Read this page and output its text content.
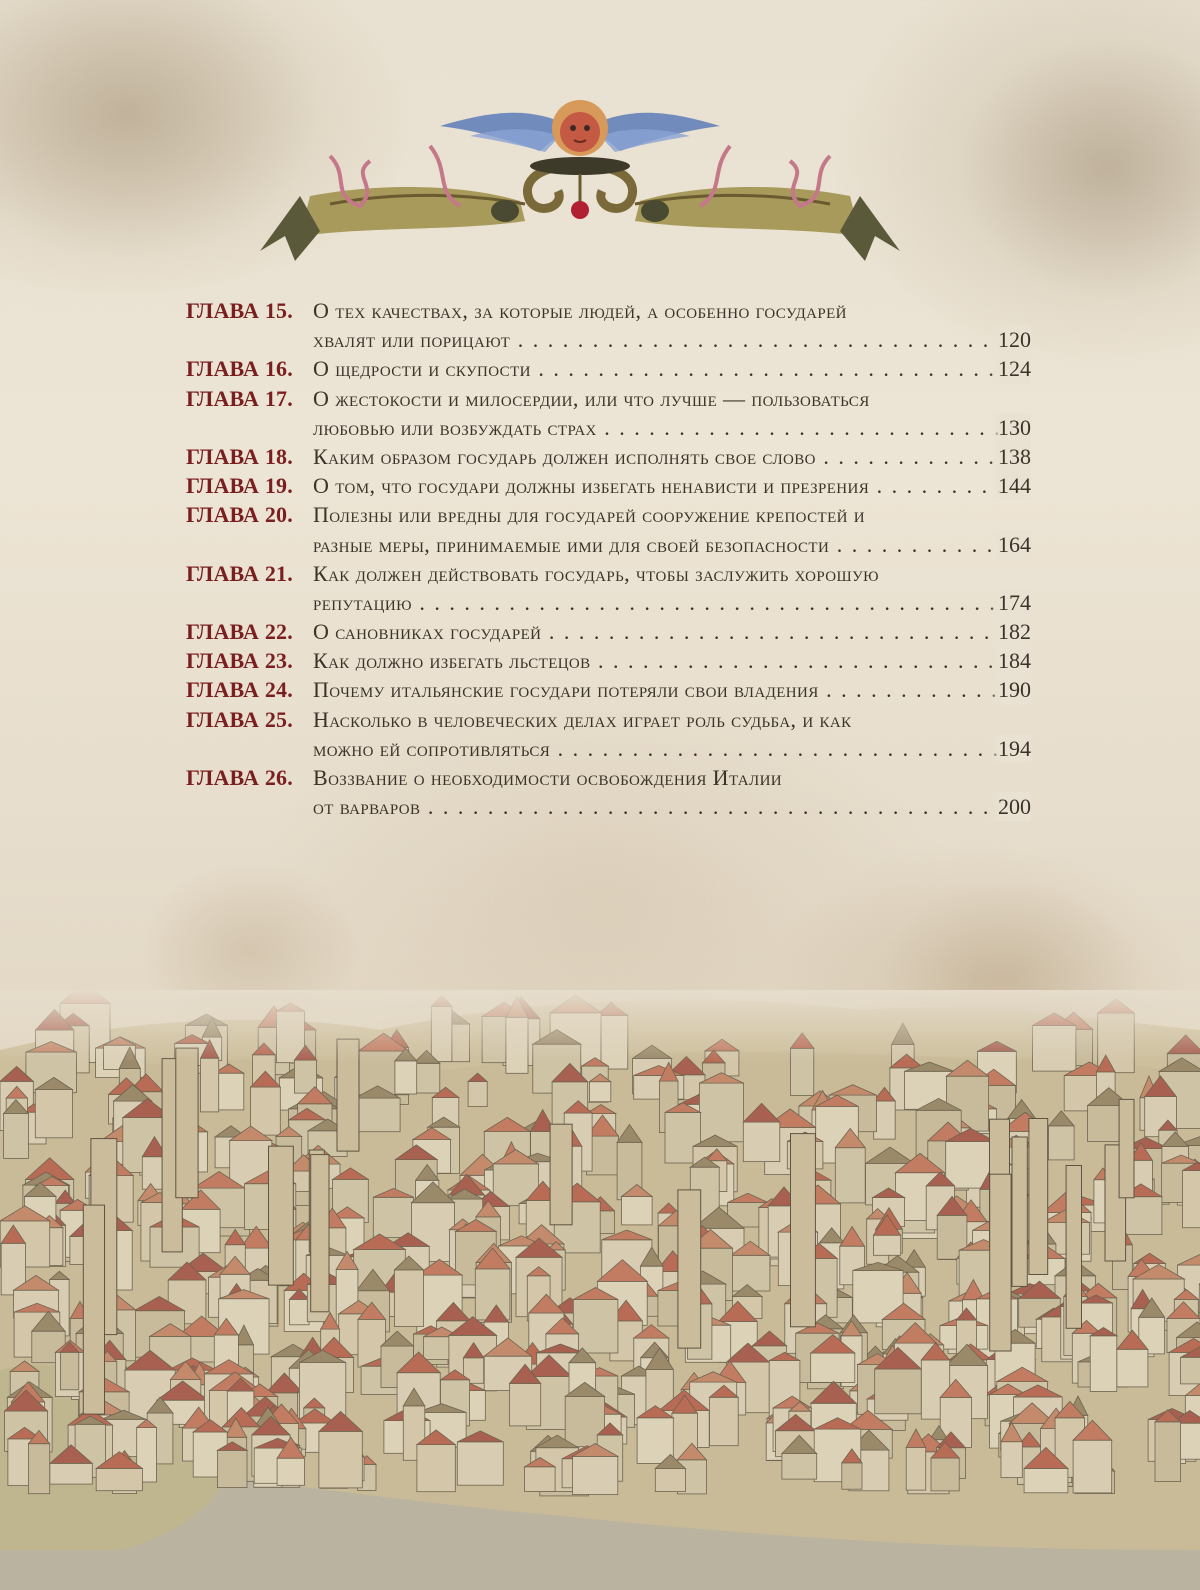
ГЛАВА 15. О тех качествах, за которые людей, а особенно государей
хвалят или порицают . . .	120
ГЛАВА 16. О щедрости и скупости . . .	124
ГЛАВА 17. О жестокости и милосердии, или что лучше — пользоваться
любовью или возбуждать страх . . .	130
ГЛАВА 18. Каким образом государь должен исполнять свое слово . . .	138
ГЛАВА 19. О том, что государи должны избегать ненависти и презрения . . .	144
ГЛАВА 20. Полезны или вредны для государей сооружение крепостей и
разные меры, принимаемые ими для своей безопасности . . .	164
ГЛАВА 21. Как должен действовать государь, чтобы заслужить хорошую
репутацию . . .	174
ГЛАВА 22. О сановниках государей . . .	182
ГЛАВА 23. Как должно избегать льстецов . . .	184
ГЛАВА 24. Почему итальянские государи потеряли свои владения . . .	190
ГЛАВА 25. Насколько в человеческих делах играет роль судьба, и как
можно ей сопротивляться . . .	194
ГЛАВА 26. Воззвание о необходимости освобождения Италии
от варваров . . .	200
